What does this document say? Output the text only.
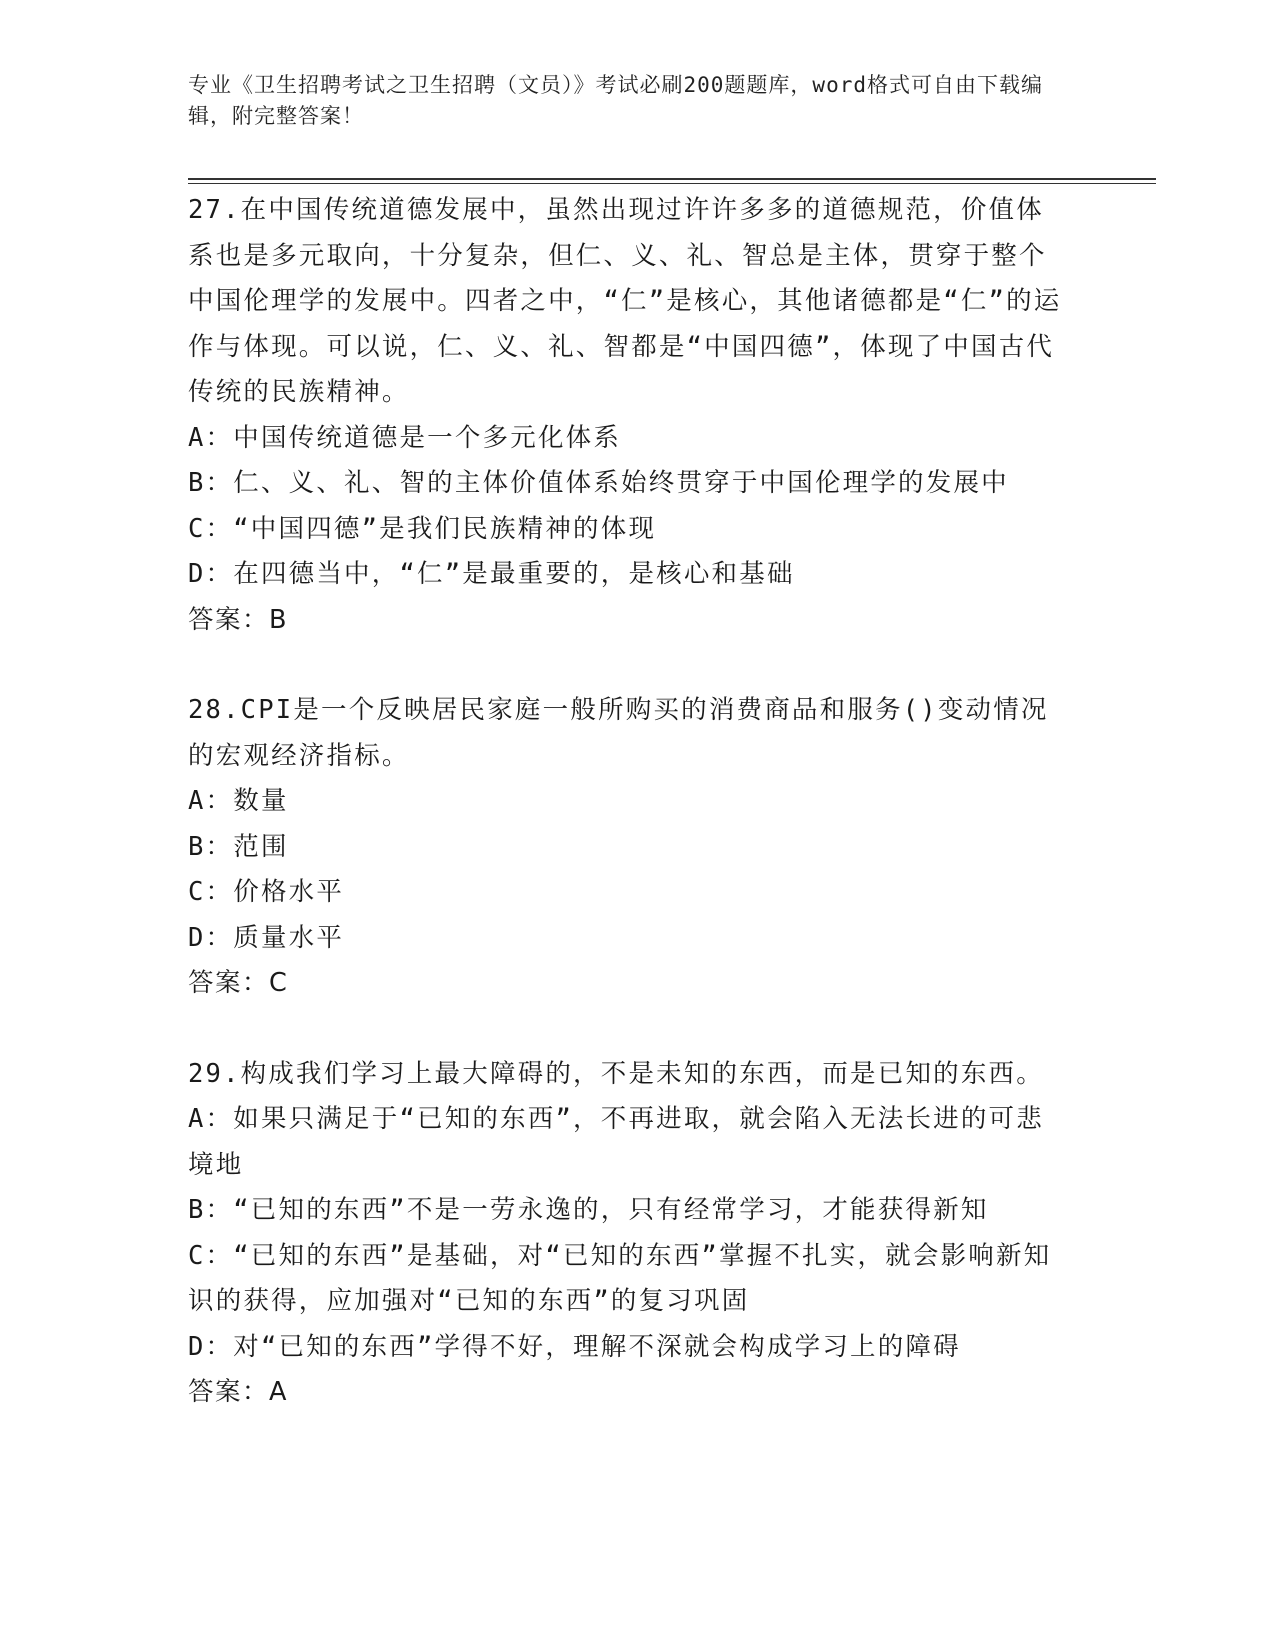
专业《卫生招聘考试之卫生招聘（文员）》考试必刷200题题库，word格式可自由下载编辑，附完整答案！

27.在中国传统道德发展中，虽然出现过许许多多的道德规范，价值体系也是多元取向，十分复杂，但仁、义、礼、智总是主体，贯穿于整个中国伦理学的发展中。四者之中，“仁”是核心，其他诸德都是“仁”的运作与体现。可以说，仁、义、礼、智都是“中国四德”，体现了中国古代传统的民族精神。

A：中国传统道德是一个多元化体系

B：仁、义、礼、智的主体价值体系始终贯穿于中国伦理学的发展中

C：“中国四德”是我们民族精神的体现

D：在四德当中，“仁”是最重要的，是核心和基础

答案：B

28.CPI是一个反映居民家庭一般所购买的消费商品和服务()变动情况的宏观经济指标。

A：数量

B：范围

C：价格水平

D：质量水平

答案：C

29.构成我们学习上最大障碍的，不是未知的东西，而是已知的东西。

A：如果只满足于“已知的东西”，不再进取，就会陷入无法长进的可悲境地

B：“已知的东西”不是一劳永逸的，只有经常学习，才能获得新知

C：“已知的东西”是基础，对“已知的东西”掌握不扎实，就会影响新知识的获得，应加强对“已知的东西”的复习巩固

D：对“已知的东西”学得不好，理解不深就会构成学习上的障碍

答案：A
